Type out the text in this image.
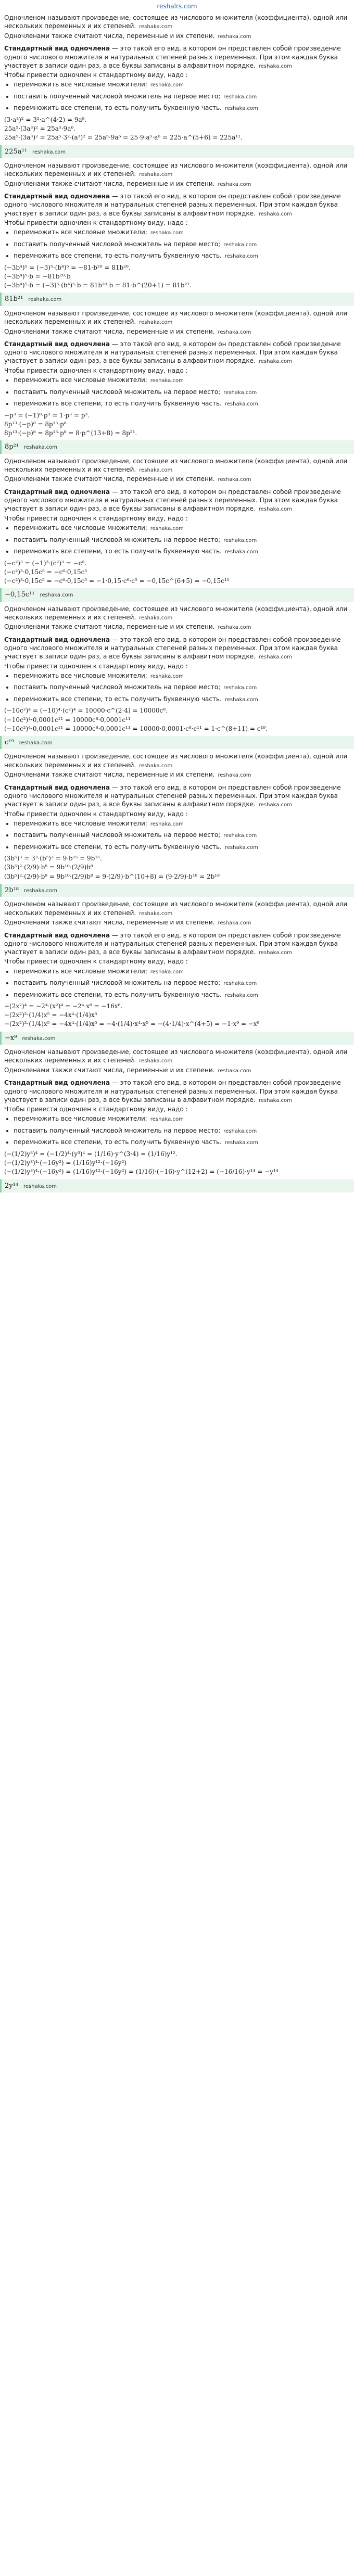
reshalrs.com

Одночленом называют произведение, состоящее из числового множителя (коэффициента), одной или нескольких переменных и их степеней. reshaka.com

Одночленами также считают числа, переменные и их степени. reshaka.com

Стандартный вид одночлена — это такой его вид, в котором он представлен собой произведение одного числового множителя и натуральных степеней разных переменных. При этом каждая буква участвует в записи один раз, а все буквы записаны в алфавитном порядке. reshaka.com

Чтобы привести одночлен к стандартному виду, надо :

• перемножить все числовые множители; reshaka.com
• поставить полученный числовой множитель на первое место; reshaka.com
• перемножить все степени, то есть получить буквенную часть. reshaka.com
(3·a⁴)² = 3²·a^(4·2) = 9a⁸.
25a⁵·(3a³)² = 25a⁵·9a⁶.
25a⁵·(3a³)² = 25a⁵·3²·(a³)² = 25a⁵·9a⁶ = 25·9·a⁵·a⁶ = 225·a^(5+6) = 225a¹¹.
225a¹¹ reshaka.com

Одночленом называют произведение, состоящее из числового множителя (коэффициента), одной или нескольких переменных и их степеней. reshaka.com

Одночленами также считают числа, переменные и их степени. reshaka.com

Стандартный вид одночлена — это такой его вид, в котором он представлен собой произведение одного числового множителя и натуральных степеней разных переменных. При этом каждая буква участвует в записи один раз, а все буквы записаны в алфавитном порядке. reshaka.com

Чтобы привести одночлен к стандартному виду, надо :

• перемножить все числовые множители; reshaka.com
• поставить полученный числовой множитель на первое место; reshaka.com
• перемножить все степени, то есть получить буквенную часть. reshaka.com
(−3b⁴)⁵ = (−3)⁵·(b⁴)⁵ = −81·b²⁰ = 81b²⁰.
(−3b⁴)⁵·b = −81b²⁰·b
(−3b⁴)⁵·b = (−3)⁵·(b⁴)⁵·b = 81b²⁰·b = 81·b^(20+1) = 81b²¹.
81b²¹ reshaka.com

Одночленом называют произведение, состоящее из числового множителя (коэффициента), одной или нескольких переменных и их степеней. reshaka.com

Одночленами также считают числа, переменные и их степени. reshaka.com

Стандартный вид одночлена — это такой его вид, в котором он представлен собой произведение одного числового множителя и натуральных степеней разных переменных. При этом каждая буква участвует в записи один раз, а все буквы записаны в алфавитном порядке. reshaka.com

Чтобы привести одночлен к стандартному виду, надо :

• перемножить все числовые множители; reshaka.com
• поставить полученный числовой множитель на первое место; reshaka.com
• перемножить все степени, то есть получить буквенную часть. reshaka.com
−p³ = (−1)⁸·p³ = 1·p³ = p³.
8p¹³·(−p)⁸ = 8p¹³·p⁸
8p¹³·(−p)⁸ = 8p¹³·p⁸ = 8·p^(13+8) = 8p²¹.
8p²¹ reshaka.com

Одночленом называют произведение, состоящее из числового множителя (коэффициента), одной или нескольких переменных и их степеней. reshaka.com

Одночленами также считают числа, переменные и их степени. reshaka.com

Стандартный вид одночлена — это такой его вид, в котором он представлен собой произведение одного числового множителя и натуральных степеней разных переменных. При этом каждая буква участвует в записи один раз, а все буквы записаны в алфавитном порядке. reshaka.com

Чтобы привести одночлен к стандартному виду, надо :

• перемножить все числовые множители; reshaka.com
• поставить полученный числовой множитель на первое место; reshaka.com
• перемножить все степени, то есть получить буквенную часть. reshaka.com
(−c²)³ = (−1)³·(c²)³ = −c⁶.
(−c²)³·0,15c⁵ = −c⁶·0,15c⁵
(−c²)³·0,15c⁵ = −c⁶·0,15c⁵ = −1·0,15·c⁶·c⁵ = −0,15c^(6+5) = −0,15c¹¹
−0,15c¹¹ reshaka.com

Одночленом называют произведение, состоящее из числового множителя (коэффициента), одной или нескольких переменных и их степеней. reshaka.com

Одночленами также считают числа, переменные и их степени. reshaka.com

Стандартный вид одночлена — это такой его вид, в котором он представлен собой произведение одного числового множителя и натуральных степеней разных переменных. При этом каждая буква участвует в записи один раз, а все буквы записаны в алфавитном порядке. reshaka.com

Чтобы привести одночлен к стандартному виду, надо :

• перемножить все числовые множители; reshaka.com
• поставить полученный числовой множитель на первое место; reshaka.com
• перемножить все степени, то есть получить буквенную часть. reshaka.com
(−10c²)⁴ = (−10)⁴·(c²)⁴ = 10000·c^(2·4) = 10000c⁸.
(−10c²)⁴·0,0001c¹¹ = 10000c⁸·0,0001c¹¹
(−10c²)⁴·0,0001c¹¹ = 10000c⁸·0,0001c¹¹ = 10000·0,0001·c⁸·c¹¹ = 1·c^(8+11) = c¹⁹.
c¹⁹ reshaka.com

Одночленом называют произведение, состоящее из числового множителя (коэффициента), одной или нескольких переменных и их степеней. reshaka.com

Одночленами также считают числа, переменные и их степени. reshaka.com

Стандартный вид одночлена — это такой его вид, в котором он представлен собой произведение одного числового множителя и натуральных степеней разных переменных. При этом каждая буква участвует в записи один раз, а все буквы записаны в алфавитном порядке. reshaka.com

Чтобы привести одночлен к стандартному виду, надо :

• перемножить все числовые множители; reshaka.com
• поставить полученный числовой множитель на первое место; reshaka.com
• перемножить все степени, то есть получить буквенную часть. reshaka.com
(3b⁵)³ = 3³·(b⁵)³ = 9·b¹⁵ = 9b¹⁵.
(3b⁵)²·(2/9)·b⁸ = 9b¹⁰·(2/9)b⁸
(3b⁵)²·(2/9)·b⁸ = 9b¹⁰·(2/9)b⁸ = 9·(2/9)·b^(10+8) = (9·2/9)·b¹⁸ = 2b¹⁸
2b¹⁸ reshaka.com

Одночленом называют произведение, состоящее из числового множителя (коэффициента), одной или нескольких переменных и их степеней. reshaka.com

Одночленами также считают числа, переменные и их степени. reshaka.com

Стандартный вид одночлена — это такой его вид, в котором он представлен собой произведение одного числового множителя и натуральных степеней разных переменных. При этом каждая буква участвует в записи один раз, а все буквы записаны в алфавитном порядке. reshaka.com

Чтобы привести одночлен к стандартному виду, надо :

• перемножить все числовые множители; reshaka.com
• поставить полученный числовой множитель на первое место; reshaka.com
• перемножить все степени, то есть получить буквенную часть. reshaka.com
−(2x²)⁴ = −2⁴·(x²)⁴ = −2⁴·x⁸ = −16x⁸.
−(2x²)²·(1/4)x⁵ = −4x⁴·(1/4)x⁵
−(2x²)²·(1/4)x⁵ = −4x⁴·(1/4)x⁵ = −4·(1/4)·x⁴·x⁵ = −(4·1/4)·x^(4+5) = −1·x⁹ = −x⁹
−x⁹ reshaka.com

Одночленом называют произведение, состоящее из числового множителя (коэффициента), одной или нескольких переменных и их степеней. reshaka.com

Одночленами также считают числа, переменные и их степени. reshaka.com

Стандартный вид одночлена — это такой его вид, в котором он представлен собой произведение одного числового множителя и натуральных степеней разных переменных. При этом каждая буква участвует в записи один раз, а все буквы записаны в алфавитном порядке. reshaka.com

Чтобы привести одночлен к стандартному виду, надо :

• перемножить все числовые множители; reshaka.com
• поставить полученный числовой множитель на первое место; reshaka.com
• перемножить все степени, то есть получить буквенную часть. reshaka.com
(−(1/2)y³)⁴ = (−1/2)⁴·(y³)⁴ = (1/16)·y^(3·4) = (1/16)y¹².
(−(1/2)y³)⁴·(−16y²) = (1/16)y¹²·(−16y²)
(−(1/2)y³)⁴·(−16y²) = (1/16)y¹²·(−16y²) = (1/16)·(−16)·y^(12+2) = (−16/16)·y¹⁴ = −y¹⁴
2y¹⁴ reshaka.com
